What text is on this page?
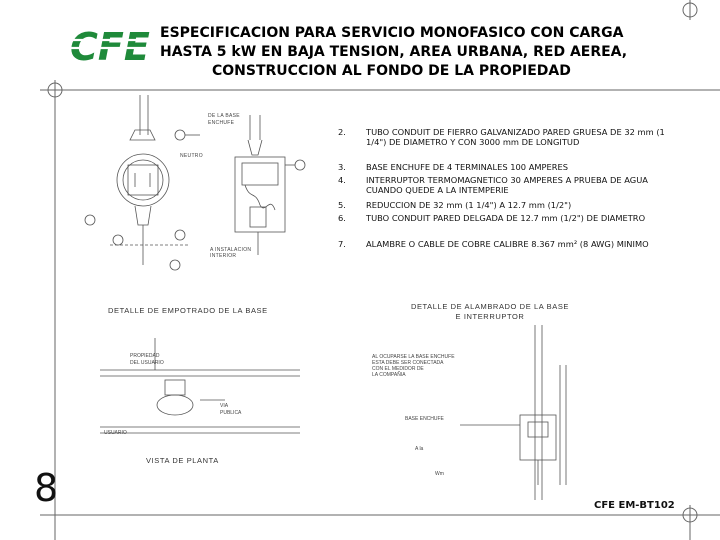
CFE ESPECIFICACION PARA SERVICIO MONOFASICO CON CARGA
HASTA 5 kW EN BAJA TENSION, AREA URBANA, RED AEREA,
CONSTRUCCION AL FONDO DE LA PROPIEDAD
DE LA BASE
ENCHUFE
NEUTRO
A INSTALACION
INTERIOR
DETALLE DE EMPOTRADO DE LA BASE
PROPIEDAD
DEL USUARIO
VIA
PUBLICA
USUARIO
VISTA DE PLANTA
2.	TUBO CONDUIT DE FIERRO GALVANIZADO PARED GRUESA DE 32 mm (1 1/4") DE DIAMETRO Y CON 3000 mm DE LONGITUD
3.	BASE ENCHUFE DE 4 TERMINALES 100 AMPERES
4.	INTERRUPTOR TERMOMAGNETICO 30 AMPERES A PRUEBA DE AGUA CUANDO QUEDE A LA INTEMPERIE
5.	REDUCCION DE 32 mm (1 1/4") A 12.7 mm (1/2")
6.	TUBO CONDUIT PARED DELGADA DE 12.7 mm (1/2") DE DIAMETRO
7.	ALAMBRE O CABLE DE COBRE CALIBRE 8.367 mm² (8 AWG) MINIMO
DETALLE DE ALAMBRADO DE LA BASE
E INTERRUPTOR
AL OCUPARSE LA BASE ENCHUFE
ESTA DEBE SER CONECTADA
CON EL MEDIDOR DE
LA COMPAÑIA
BASE ENCHUFE
A la
Wm
8	CFE EM-BT102
